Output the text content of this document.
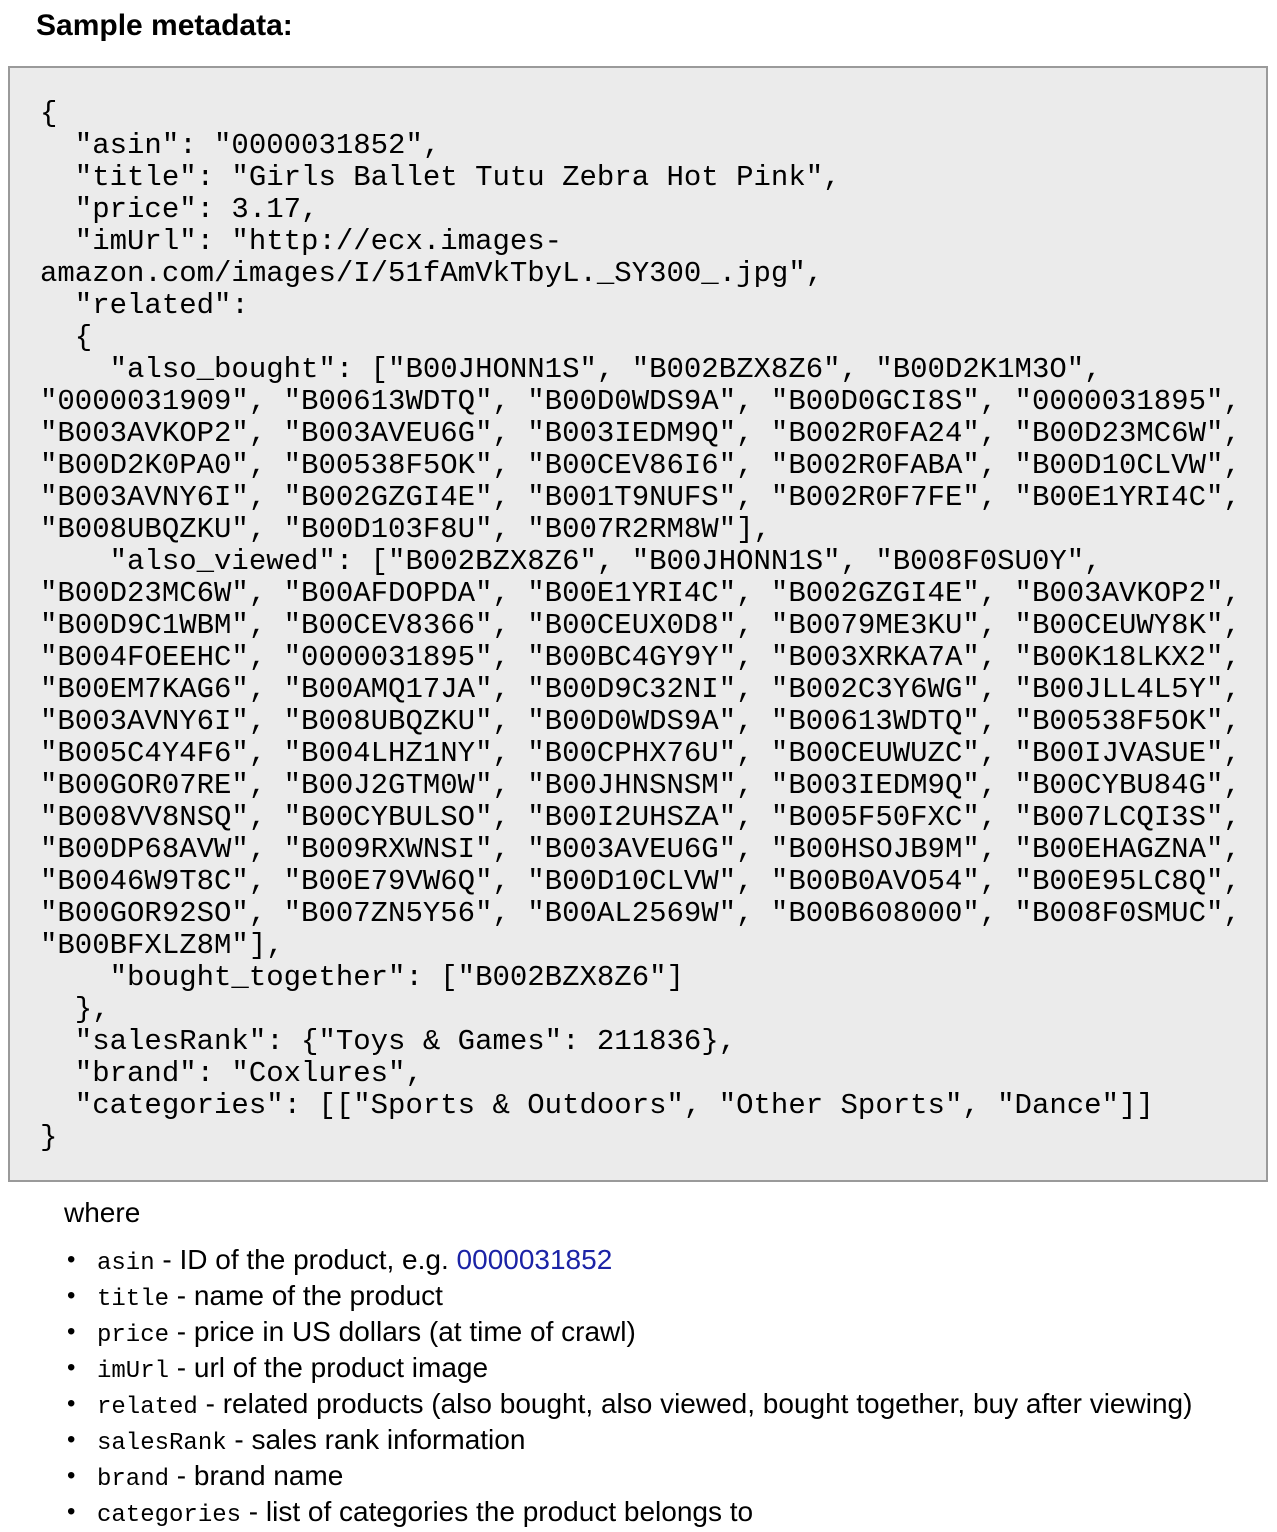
Sample metadata:
{
"asin": "0000031852",
"title": "Girls Ballet Tutu Zebra Hot Pink",
"price": 3.17,
"imUrl": "http://ecx.images-
amazon.com/images/I/51fAmVkTbyL._SY300_.jpg",
"related":
{
"also_bought": ["B00JHONN1S", "B002BZX8Z6", "B00D2K1M3O",
"0000031909", "B00613WDTQ", "B00D0WDS9A", "B00D0GCI8S", "0000031895",
"B003AVKOP2", "B003AVEU6G", "B003IEDM9Q", "B002R0FA24", "B00D23MC6W",
"B00D2K0PA0", "B00538F5OK", "B00CEV86I6", "B002R0FABA", "B00D10CLVW",
"B003AVNY6I", "B002GZGI4E", "B001T9NUFS", "B002R0F7FE", "B00E1YRI4C",
"B008UBQZKU", "B00D103F8U", "B007R2RM8W"],
"also_viewed": ["B002BZX8Z6", "B00JHONN1S", "B008F0SU0Y",
"B00D23MC6W", "B00AFDOPDA", "B00E1YRI4C", "B002GZGI4E", "B003AVKOP2",
"B00D9C1WBM", "B00CEV8366", "B00CEUX0D8", "B0079ME3KU", "B00CEUWY8K",
"B004FOEEHC", "0000031895", "B00BC4GY9Y", "B003XRKA7A", "B00K18LKX2",
"B00EM7KAG6", "B00AMQ17JA", "B00D9C32NI", "B002C3Y6WG", "B00JLL4L5Y",
"B003AVNY6I", "B008UBQZKU", "B00D0WDS9A", "B00613WDTQ", "B00538F5OK",
"B005C4Y4F6", "B004LHZ1NY", "B00CPHX76U", "B00CEUWUZC", "B00IJVASUE",
"B00GOR07RE", "B00J2GTM0W", "B00JHNSNSM", "B003IEDM9Q", "B00CYBU84G",
"B008VV8NSQ", "B00CYBULSO", "B00I2UHSZA", "B005F50FXC", "B007LCQI3S",
"B00DP68AVW", "B009RXWNSI", "B003AVEU6G", "B00HSOJB9M", "B00EHAGZNA",
"B0046W9T8C", "B00E79VW6Q", "B00D10CLVW", "B00B0AVO54", "B00E95LC8Q",
"B00GOR92SO", "B007ZN5Y56", "B00AL2569W", "B00B608000", "B008F0SMUC",
"B00BFXLZ8M"],
"bought_together": ["B002BZX8Z6"]
},
"salesRank": {"Toys & Games": 211836},
"brand": "Coxlures",
"categories": [["Sports & Outdoors", "Other Sports", "Dance"]]
}
where
• asin - ID of the product, e.g. 0000031852
• title - name of the product
• price - price in US dollars (at time of crawl)
• imUrl - url of the product image
• related - related products (also bought, also viewed, bought together, buy after viewing)
• salesRank - sales rank information
• brand - brand name
• categories - list of categories the product belongs to
